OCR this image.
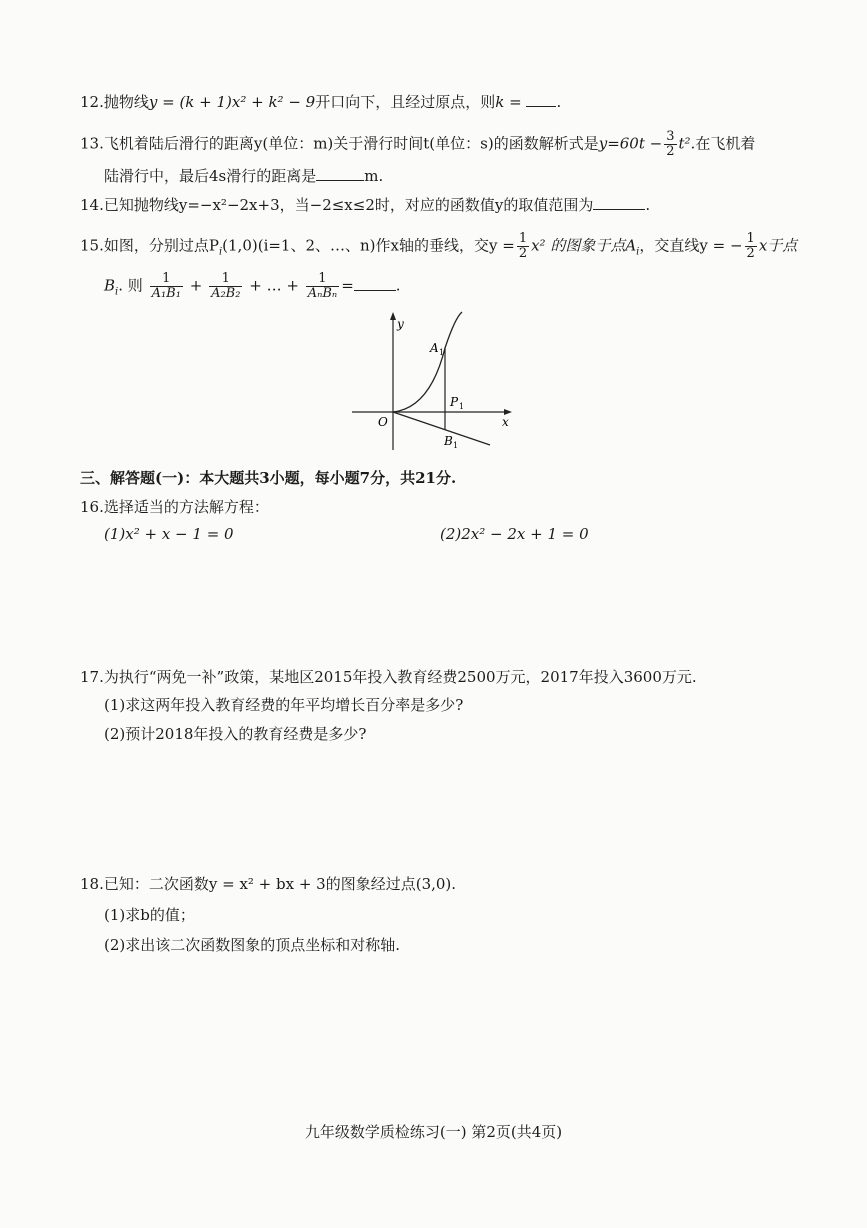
12.抛物线y = (k + 1)x² + k² − 9开口向下，且经过原点，则k = .
13.飞机着陆后滑行的距离y(单位：m)关于滑行时间t(单位：s)的函数解析式是$y=60t - \frac{3}{2} t^2$.在飞机着
陆滑行中，最后4s滑行的距离是	m.
14.已知抛物线y=−x²−2x+3，当−2≤x≤2时，对应的函数值y的取值范围为	.
15.如图，分别过点$P_i(1,0)(i=1$、2、…、n)作x轴的垂线，交$y = \frac{1}{2} x^2$ 的图象于点$A_i$，交直线y = − $\frac{1}{2}$ x于点
$B_i$. 则 $\frac{1}{\text{A₁B₁}} + \frac{1}{\text{A₂B₂}}$ + … + $\frac{1}{\text{AₙBₙ}}$ =	.
y
x
O
A 1
P 1
B 1
三、解答题(一)：本大题共3小题，每小题7分，共21分.
16.选择适当的方法解方程：
(1)x² + x − 1 = 0	(2)2x² − 2x + 1 = 0
17.为执行“两免一补”政策，某地区2015年投入教育经费2500万元，2017年投入3600万元.
(1)求这两年投入教育经费的年平均增长百分率是多少?
(2)预计2018年投入的教育经费是多少?
18.已知：二次函数y = x² + bx + 3的图象经过点(3,0).
(1)求b的值；
(2)求出该二次函数图象的顶点坐标和对称轴.
九年级数学质检练习(一) 第2页(共4页)
